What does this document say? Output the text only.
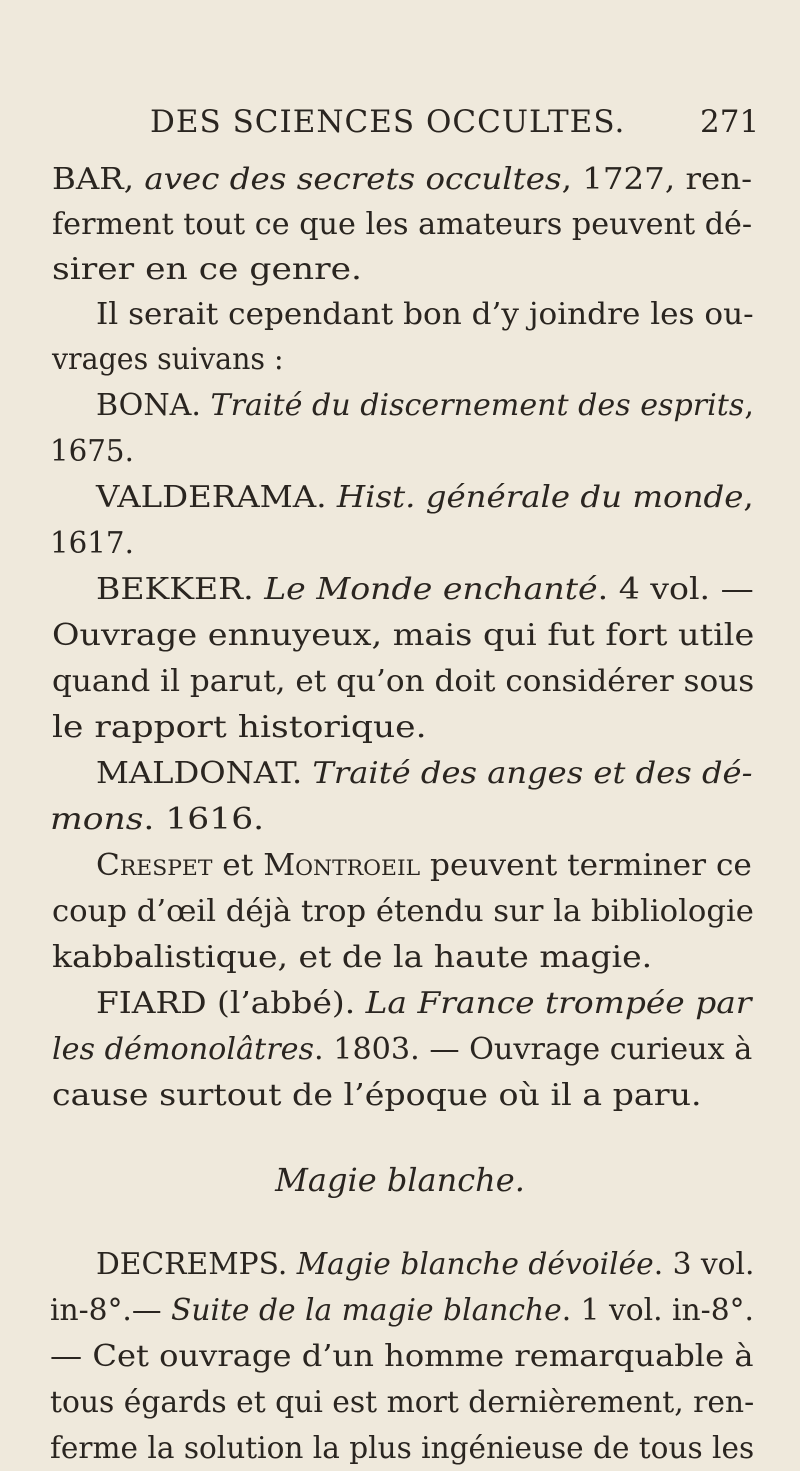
DES SCIENCES OCCULTES. 271
BAR, avec des secrets occultes, 1727, ren-
ferment tout ce que les amateurs peuvent dé-
sirer en ce genre.
Il serait cependant bon d’y joindre les ou-
vrages suivans :
BONA. Traité du discernement des esprits,
1675.
VALDERAMA. Hist. générale du monde,
1617.
BEKKER. Le Monde enchanté. 4 vol. —
Ouvrage ennuyeux, mais qui fut fort utile
quand il parut, et qu’on doit considérer sous
le rapport historique.
MALDONAT. Traité des anges et des dé-
mons. 1616.
Crespet et Montroeil peuvent terminer ce
coup d’œil déjà trop étendu sur la bibliologie
kabbalistique, et de la haute magie.
FIARD (l’abbé). La France trompée par
les démonolâtres. 1803. — Ouvrage curieux à
cause surtout de l’époque où il a paru.
DECREMPS. Magie blanche dévoilée. 3 vol.
in-8°.— Suite de la magie blanche. 1 vol. in-8°.
— Cet ouvrage d’un homme remarquable à
tous égards et qui est mort dernièrement, ren-
ferme la solution la plus ingénieuse de tous les
Magie blanche.
